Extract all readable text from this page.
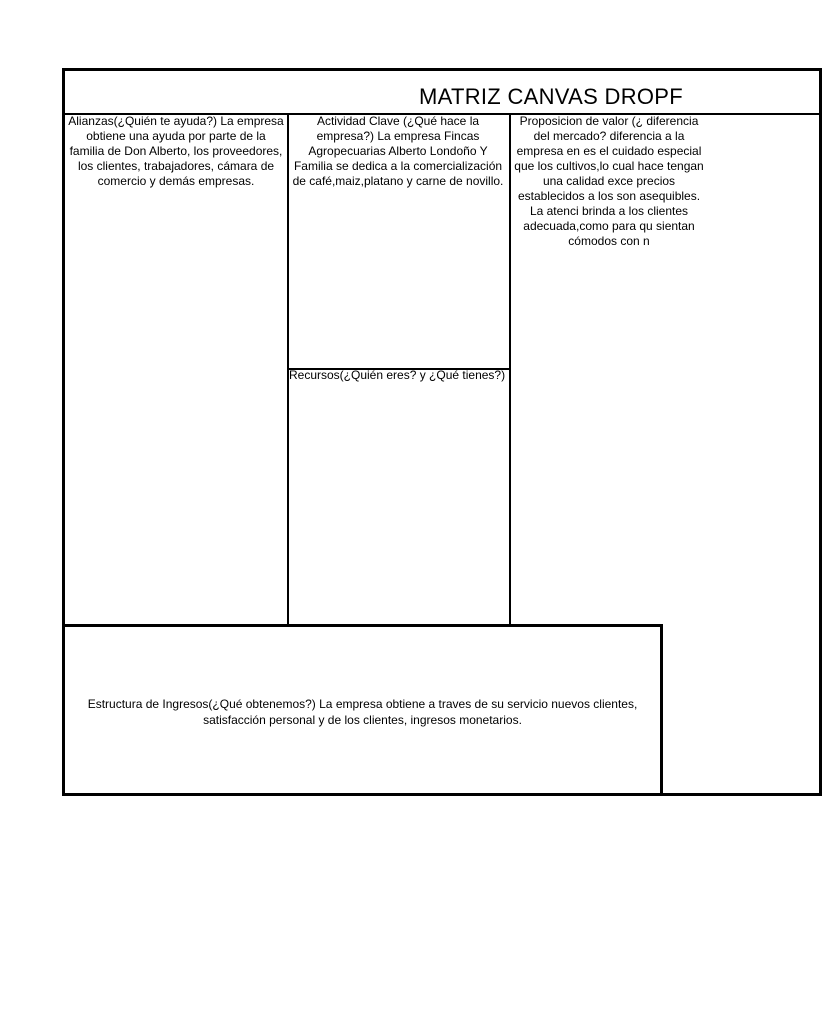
MATRIZ CANVAS DROPF
Alianzas(¿Quién te ayuda?) La empresa obtiene una ayuda por parte de la familia de Don Alberto, los proveedores, los clientes, trabajadores, cámara de comercio y demás empresas.
Actividad Clave (¿Qué hace la empresa?) La empresa Fincas Agropecuarias Alberto Londoño Y Familia se dedica a la comercialización de café,maiz,platano y carne de novillo.
Recursos(¿Quién eres? y ¿Qué tienes?)
Proposicion de valor (¿ diferencia del mercado? diferencia a la empresa en es el cuidado especial que los cultivos,lo cual hace tengan una calidad exce precios establecidos a los son asequibles. La atenci brinda a los clientes adecuada,como para qu sientan cómodos con n
Estructura de Ingresos(¿Qué obtenemos?) La empresa obtiene a traves de su servicio nuevos clientes, satisfacción personal y de los clientes, ingresos monetarios.
